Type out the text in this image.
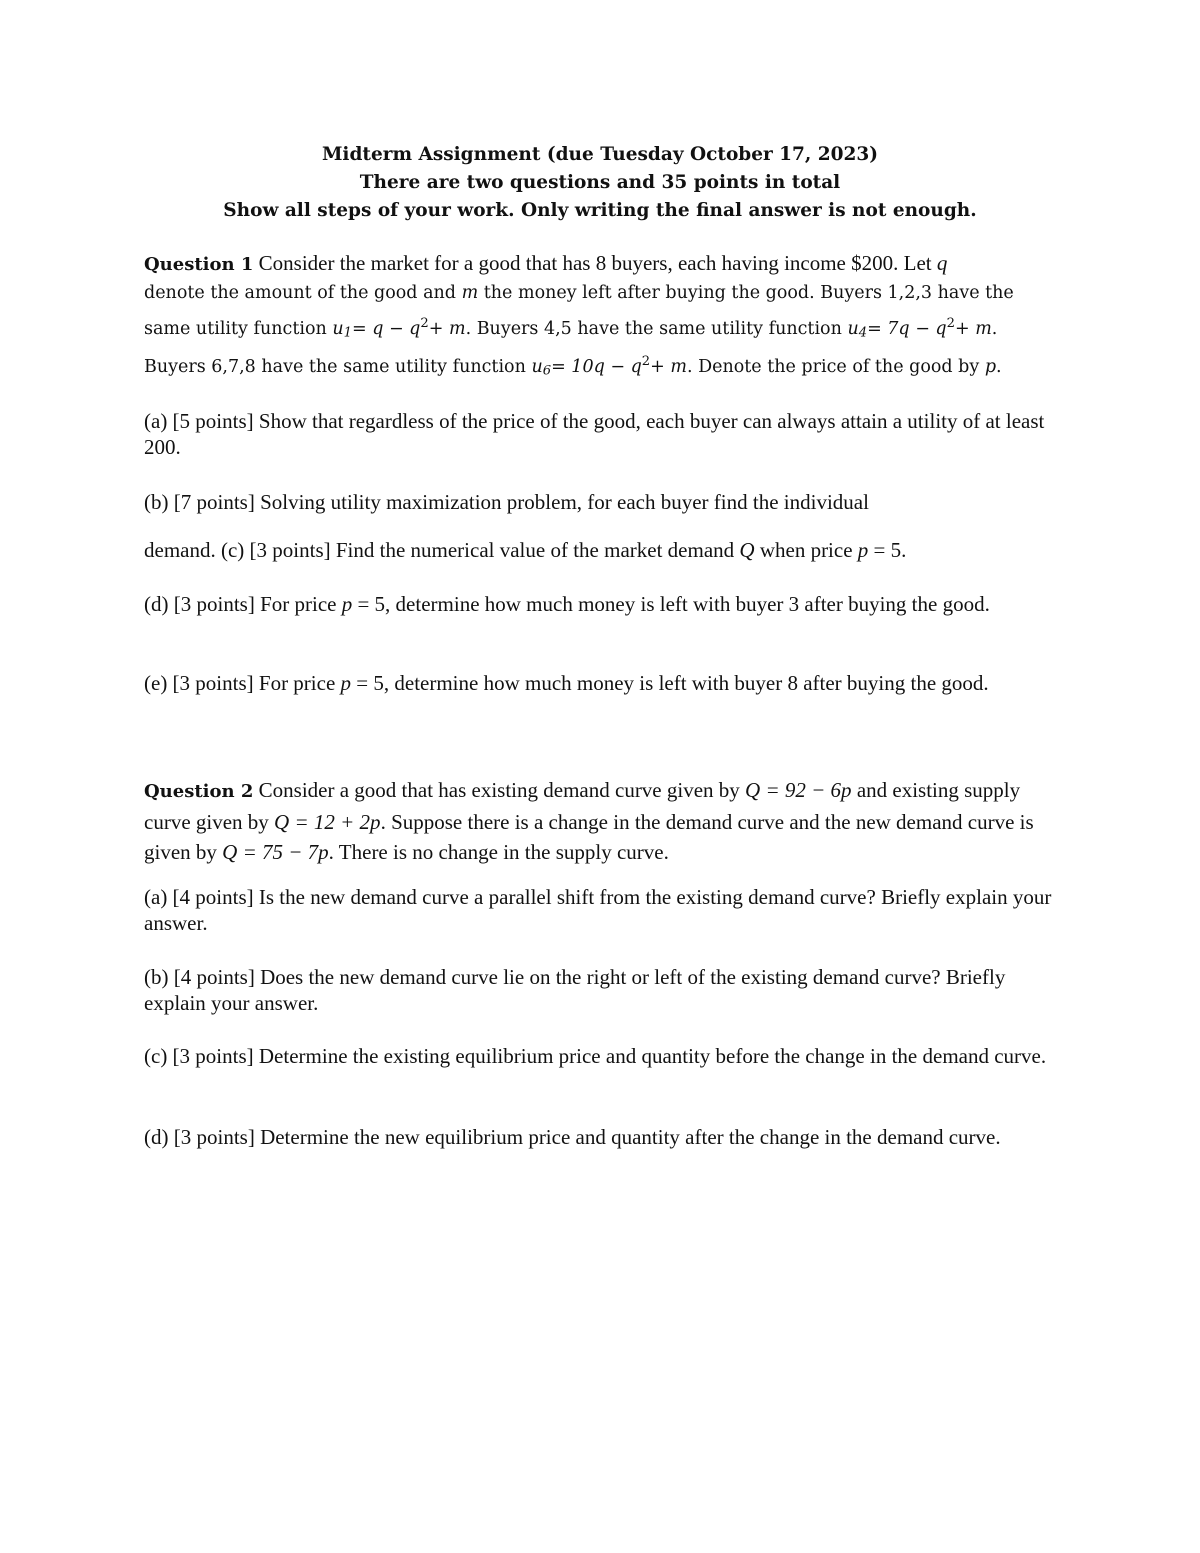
Midterm Assignment (due Tuesday October 17, 2023)
There are two questions and 35 points in total
Show all steps of your work. Only writing the final answer is not enough.
Question 1 Consider the market for a good that has 8 buyers, each having income $200. Let q
denote the amount of the good and m the money left after buying the good. Buyers 1,2,3 have the
same utility function $u_1= q - q^2+ m$. Buyers 4,5 have the same utility function $u_4= 7q - q^2+ m$.
Buyers 6,7,8 have the same utility function $u_6= 10q - q^2+ m$. Denote the price of the good by p.
(a) [5 points] Show that regardless of the price of the good, each buyer can always attain a utility of at least 200.
(b) [7 points] Solving utility maximization problem, for each buyer find the individual
demand. (c) [3 points] Find the numerical value of the market demand Q when price p = 5.
(d) [3 points] For price p = 5, determine how much money is left with buyer 3 after buying the good.
(e) [3 points] For price p = 5, determine how much money is left with buyer 8 after buying the good.
Question 2 Consider a good that has existing demand curve given by Q = 92 − 6p and existing supply curve given by Q = 12 + 2p. Suppose there is a change in the demand curve and the new demand curve is given by Q = 75 − 7p. There is no change in the supply curve.
(a) [4 points] Is the new demand curve a parallel shift from the existing demand curve? Briefly explain your answer.
(b) [4 points] Does the new demand curve lie on the right or left of the existing demand curve? Briefly explain your answer.
(c) [3 points] Determine the existing equilibrium price and quantity before the change in the demand curve.
(d) [3 points] Determine the new equilibrium price and quantity after the change in the demand curve.
